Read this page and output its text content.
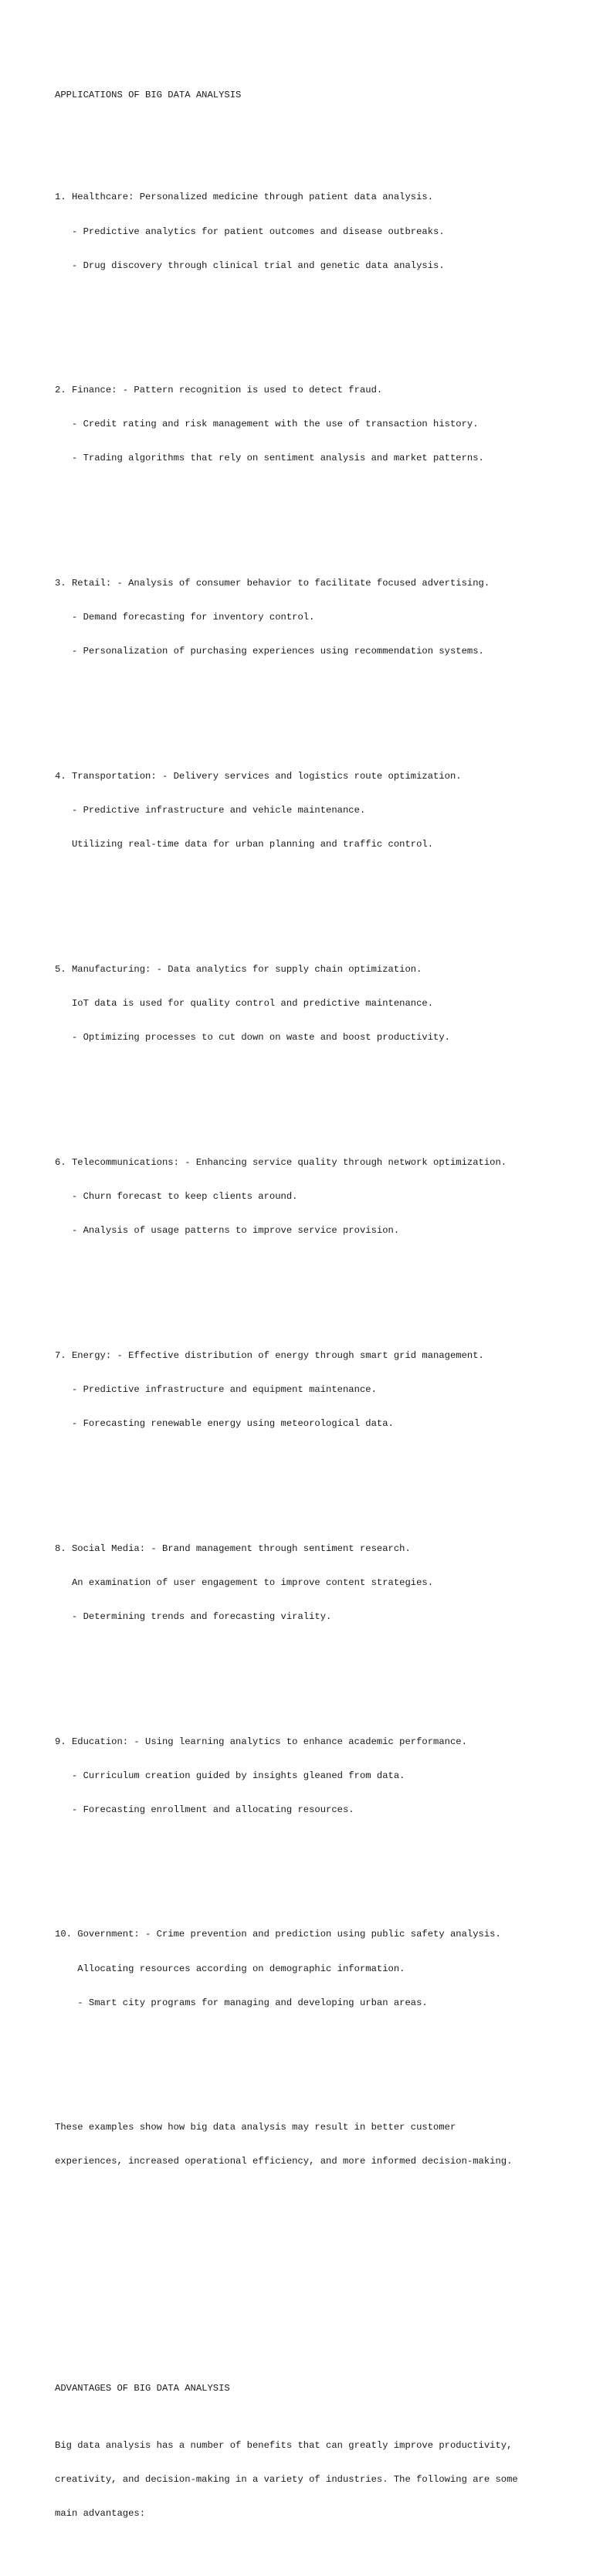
APPLICATIONS OF BIG DATA ANALYSIS

1. Healthcare: Personalized medicine through patient data analysis.

- Predictive analytics for patient outcomes and disease outbreaks.

- Drug discovery through clinical trial and genetic data analysis.

2. Finance: - Pattern recognition is used to detect fraud.

- Credit rating and risk management with the use of transaction history.

- Trading algorithms that rely on sentiment analysis and market patterns.

3. Retail: - Analysis of consumer behavior to facilitate focused advertising.

- Demand forecasting for inventory control.

- Personalization of purchasing experiences using recommendation systems.

4. Transportation: - Delivery services and logistics route optimization.

- Predictive infrastructure and vehicle maintenance.

Utilizing real-time data for urban planning and traffic control.

5. Manufacturing: - Data analytics for supply chain optimization.

IoT data is used for quality control and predictive maintenance.

- Optimizing processes to cut down on waste and boost productivity.

6. Telecommunications: - Enhancing service quality through network optimization.

- Churn forecast to keep clients around.

- Analysis of usage patterns to improve service provision.

7. Energy: - Effective distribution of energy through smart grid management.

- Predictive infrastructure and equipment maintenance.

- Forecasting renewable energy using meteorological data.

8. Social Media: - Brand management through sentiment research.

An examination of user engagement to improve content strategies.

- Determining trends and forecasting virality.

9. Education: - Using learning analytics to enhance academic performance.

- Curriculum creation guided by insights gleaned from data.

- Forecasting enrollment and allocating resources.

10. Government: - Crime prevention and prediction using public safety analysis.

Allocating resources according on demographic information.

- Smart city programs for managing and developing urban areas.

These examples show how big data analysis may result in better customer

experiences, increased operational efficiency, and more informed decision-making.

ADVANTAGES OF BIG DATA ANALYSIS

Big data analysis has a number of benefits that can greatly improve productivity,

creativity, and decision-making in a variety of industries. The following are some

main advantages:
